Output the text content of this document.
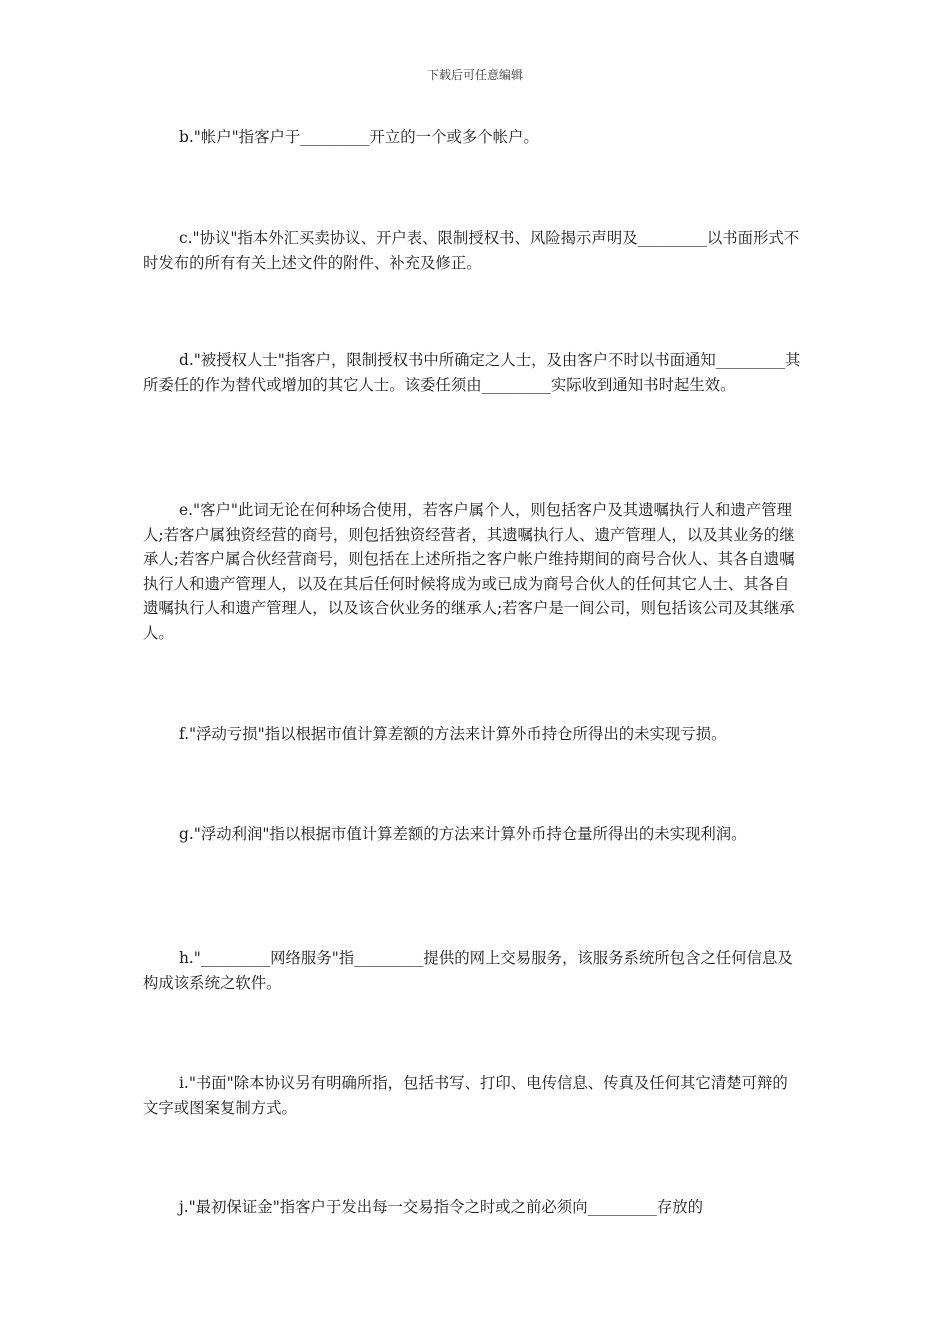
下载后可任意编辑
b."帐户"指客户于_________开立的一个或多个帐户。
c."协议"指本外汇买卖协议、开户表、限制授权书、风险揭示声明及_________以书面形式不时发布的所有有关上述文件的附件、补充及修正。
d."被授权人士"指客户，限制授权书中所确定之人士，及由客户不时以书面通知_________其所委任的作为替代或增加的其它人士。该委任须由_________实际收到通知书时起生效。
e."客户"此词无论在何种场合使用，若客户属个人，则包括客户及其遗嘱执行人和遗产管理人;若客户属独资经营的商号，则包括独资经营者，其遗嘱执行人、遗产管理人，以及其业务的继承人;若客户属合伙经营商号，则包括在上述所指之客户帐户维持期间的商号合伙人、其各自遗嘱执行人和遗产管理人，以及在其后任何时候将成为或已成为商号合伙人的任何其它人士、其各自遗嘱执行人和遗产管理人，以及该合伙业务的继承人;若客户是一间公司，则包括该公司及其继承人。
f."浮动亏损"指以根据市值计算差额的方法来计算外币持仓所得出的未实现亏损。
g."浮动利润"指以根据市值计算差额的方法来计算外币持仓量所得出的未实现利润。
h."_________网络服务"指_________提供的网上交易服务，该服务系统所包含之任何信息及构成该系统之软件。
i."书面"除本协议另有明确所指，包括书写、打印、电传信息、传真及任何其它清楚可辩的文字或图案复制方式。
j."最初保证金"指客户于发出每一交易指令之时或之前必须向_________存放的
